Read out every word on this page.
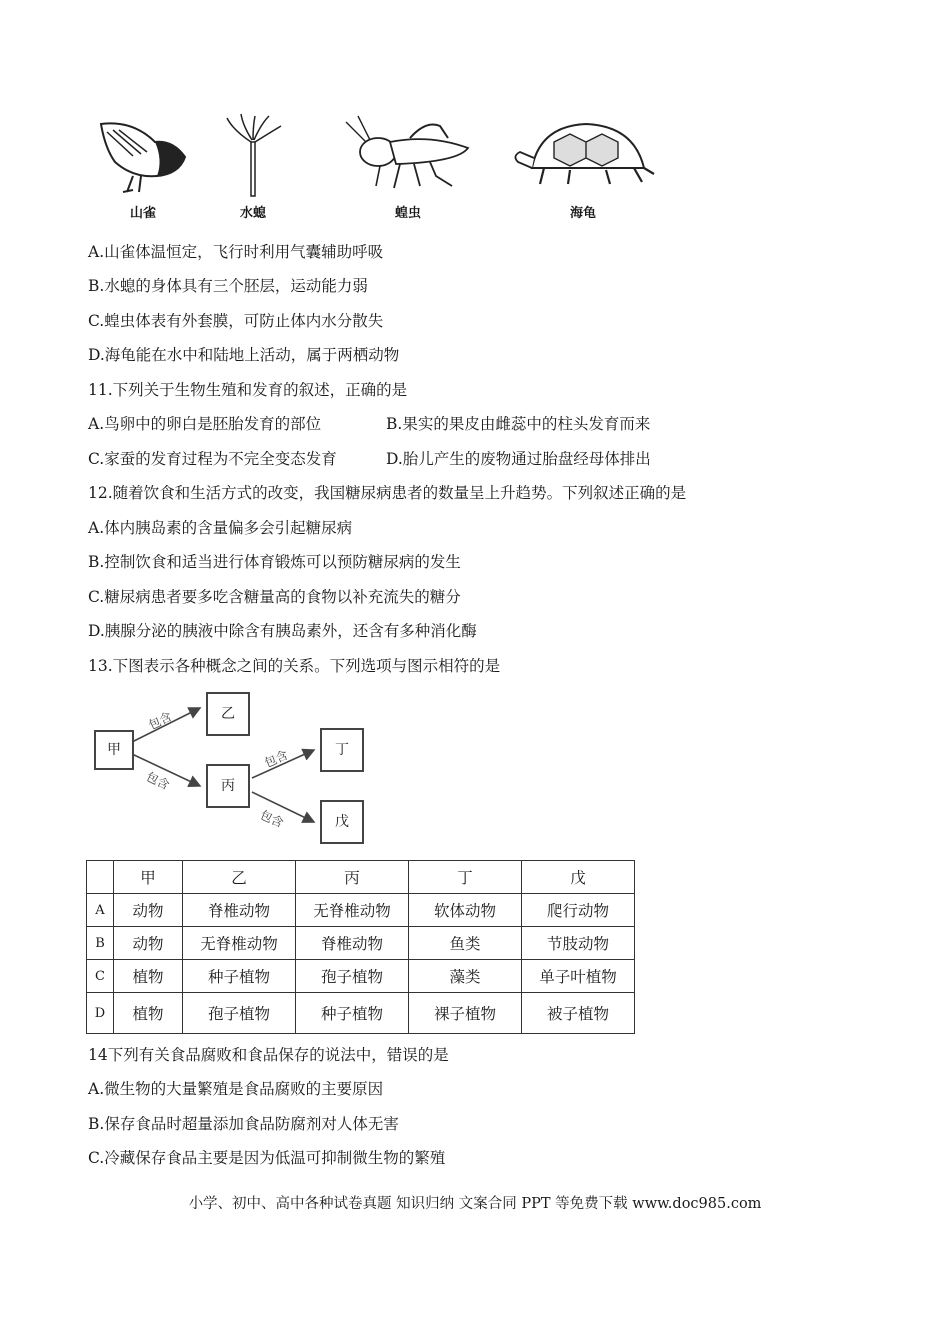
山雀	水螅	蝗虫	海龟
A.山雀体温恒定，飞行时利用气囊辅助呼吸
B.水螅的身体具有三个胚层，运动能力弱
C.蝗虫体表有外套膜，可防止体内水分散失
D.海龟能在水中和陆地上活动，属于两栖动物
11.下列关于生物生殖和发育的叙述，正确的是
A.鸟卵中的卵白是胚胎发育的部位	B.果实的果皮由雌蕊中的柱头发育而来
C.家蚕的发育过程为不完全变态发育	D.胎儿产生的废物通过胎盘经母体排出
12.随着饮食和生活方式的改变，我国糖尿病患者的数量呈上升趋势。下列叙述正确的是
A.体内胰岛素的含量偏多会引起糖尿病
B.控制饮食和适当进行体育锻炼可以预防糖尿病的发生
C.糖尿病患者要多吃含糖量高的食物以补充流失的糖分
D.胰腺分泌的胰液中除含有胰岛素外，还含有多种消化酶
13.下图表示各种概念之间的关系。下列选项与图示相符的是
甲
乙
丙
丁
戊
包含
包含
包含
包含
	甲	乙	丙	丁	戊
A	动物	脊椎动物	无脊椎动物	软体动物	爬行动物
B	动物	无脊椎动物	脊椎动物	鱼类	节肢动物
C	植物	种子植物	孢子植物	藻类	单子叶植物
D	植物	孢子植物	种子植物	裸子植物	被子植物
14下列有关食品腐败和食品保存的说法中，错误的是
A.微生物的大量繁殖是食品腐败的主要原因
B.保存食品时超量添加食品防腐剂对人体无害
C.冷藏保存食品主要是因为低温可抑制微生物的繁殖
小学、初中、高中各种试卷真题 知识归纳 文案合同 PPT 等免费下载 www.doc985.com
